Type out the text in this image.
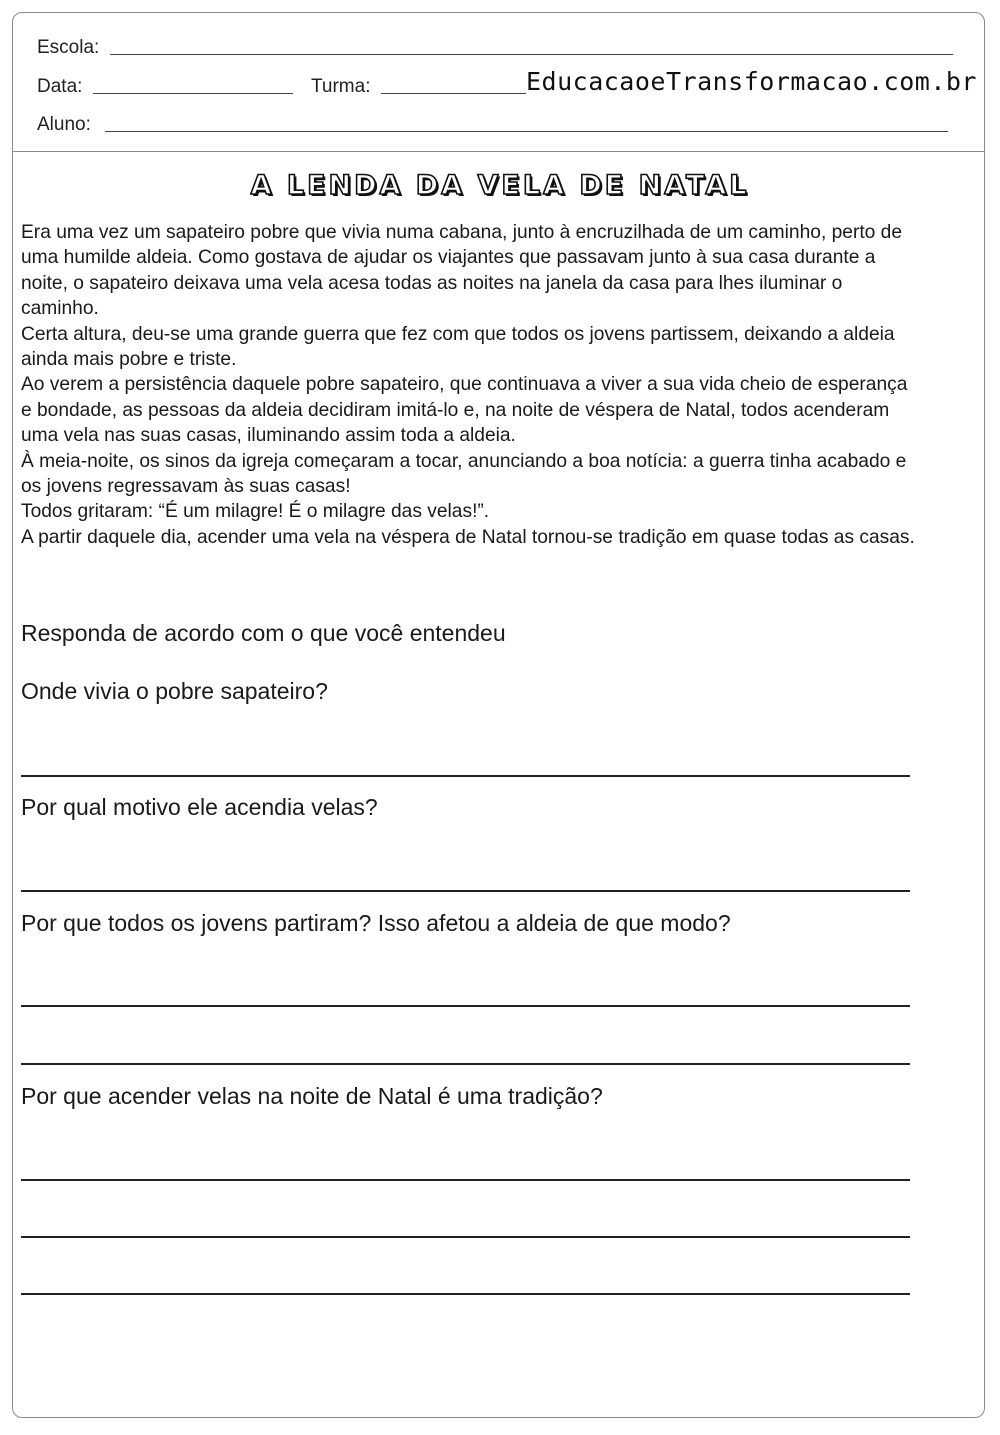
Escola:
Data:	Turma:	EducacaoeTransformacao.com.br
Aluno:
A LENDA DA VELA DE NATAL

Era uma vez um sapateiro pobre que vivia numa cabana, junto à encruzilhada de um caminho, perto de uma humilde aldeia. Como gostava de ajudar os viajantes que passavam junto à sua casa durante a noite, o sapateiro deixava uma vela acesa todas as noites na janela da casa para lhes iluminar o caminho.

Certa altura, deu-se uma grande guerra que fez com que todos os jovens partissem, deixando a aldeia ainda mais pobre e triste.

Ao verem a persistência daquele pobre sapateiro, que continuava a viver a sua vida cheio de esperança e bondade, as pessoas da aldeia decidiram imitá-lo e, na noite de véspera de Natal, todos acenderam uma vela nas suas casas, iluminando assim toda a aldeia.

À meia-noite, os sinos da igreja começaram a tocar, anunciando a boa notícia: a guerra tinha acabado e os jovens regressavam às suas casas!

Todos gritaram: “É um milagre! É o milagre das velas!”.

A partir daquele dia, acender uma vela na véspera de Natal tornou-se tradição em quase todas as casas.

Responda de acordo com o que você entendeu
Onde vivia o pobre sapateiro?
Por qual motivo ele acendia velas?
Por que todos os jovens partiram? Isso afetou a aldeia de que modo?
Por que acender velas na noite de Natal é uma tradição?
